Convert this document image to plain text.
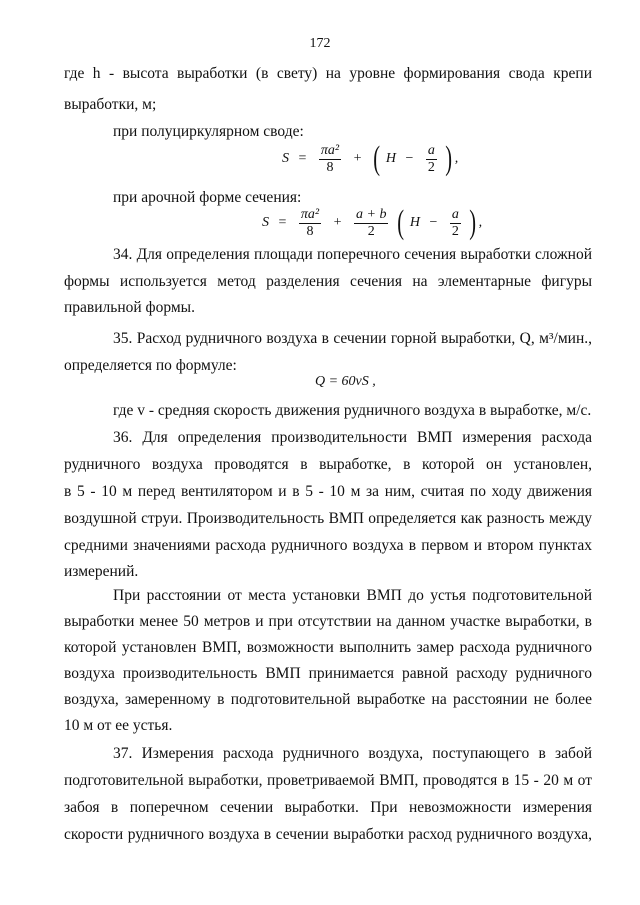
172
где h - высота выработки (в свету) на уровне формирования свода крепи
выработки, м;
при полуциркулярном своде:
$S = \frac{\text{πa²}}{8}$ + ( $H - \frac{a}{2}$ ) ,
при арочной форме сечения:
$S = \frac{\text{πa²}}{8} + \frac{a + b}{2}$ ( $H - \frac{a}{2}$ ) ,
34. Для определения площади поперечного сечения выработки сложной
формы используется метод разделения сечения на элементарные фигуры
правильной формы.
35. Расход рудничного воздуха в сечении горной выработки, Q, м³/мин.,
определяется по формуле:
Q = 60vS ,
где v - средняя скорость движения рудничного воздуха в выработке, м/с.
36. Для определения производительности ВМП измерения расхода
рудничного воздуха проводятся в выработке, в которой он установлен,
в 5 - 10 м перед вентилятором и в 5 - 10 м за ним, считая по ходу движения
воздушной струи. Производительность ВМП определяется как разность между
средними значениями расхода рудничного воздуха в первом и втором пунктах
измерений.
При расстоянии от места установки ВМП до устья подготовительной
выработки менее 50 метров и при отсутствии на данном участке выработки, в
которой установлен ВМП, возможности выполнить замер расхода рудничного
воздуха производительность ВМП принимается равной расходу рудничного
воздуха, замеренному в подготовительной выработке на расстоянии не более
10 м от ее устья.
37. Измерения расхода рудничного воздуха, поступающего в забой
подготовительной выработки, проветриваемой ВМП, проводятся в 15 - 20 м от
забоя в поперечном сечении выработки. При невозможности измерения
скорости рудничного воздуха в сечении выработки расход рудничного воздуха,
